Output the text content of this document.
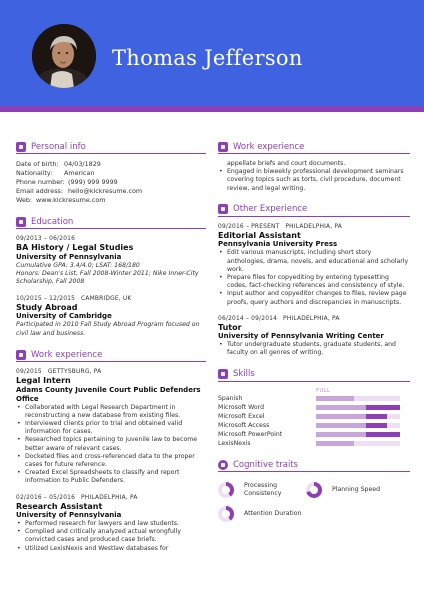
Thomas Jefferson
Personal info
Date of birth: 04/03/1829
Nationality: American
Phone number: (999) 999 9999
Email address: hello@kickresume.com
Web: www.kickresume.com
Education
09/2013 – 06/2016
BA History / Legal Studies
University of Pennsylvania
Cumulative GPA: 3.4/4.0; LSAT: 168/180
Honors: Dean's List, Fall 2008-Winter 2011; Nike Inner-City Scholarship, Fall 2008
10/2015 – 12/2015 CAMBRIDGE, UK
Study Abroad
University of Cambridge
Participated in 2010 Fall Study Abroad Program focused on civil law and business.
Work experience
09/2015 GETTYSBURG, PA
Legal Intern
Adams County Juvenile Court Public Defenders Office
• Collaborated with Legal Research Department in reconstructing a new database from existing files.
• Interviewed clients prior to trial and obtained valid information for cases.
• Researched topics pertaining to juvenile law to become better aware of relevant cases.
• Docketed files and cross-referenced data to the proper cases for future reference.
• Created Excel Spreadsheets to classify and report information to Public Defenders.
02/2016 – 05/2016 PHILADELPHIA, PA
Research Assistant
University of Pennsylvania
• Performed research for lawyers and law students.
• Complied and critically analyzed actual wrongfully convicted cases and produced case briefs.
• Utilized LexisNexis and Westlaw databases for
Work experience
appellate briefs and court documents.
• Engaged in biweekly professional development seminars covering topics such as torts, civil procedure, document review, and legal writing.
Other Experience
09/2016 – PRESENT PHILADELPHIA, PA
Editorial Assistant
Pennsylvania University Press
• Edit various manuscripts, including short story anthologies, drama, novels, and educational and scholarly work.
• Prepare files for copyediting by entering typesetting codes, fact-checking references and consistency of style.
• Input author and copyeditor changes to files, review page proofs, query authors and discrepancies in manuscripts.
06/2014 – 09/2014 PHILADELPHIA, PA
Tutor
University of Pennsylvania Writing Center
• Tutor undergraduate students, graduate students, and faculty on all genres of writing.
Skills
FULL
Spanish
Microsoft Word
Microsoft Excel
Microsoft Access
Microsoft PowerPoint
LexisNexis
Cognitive traits
Processing Consistency
Planning Speed
Attention Duration
